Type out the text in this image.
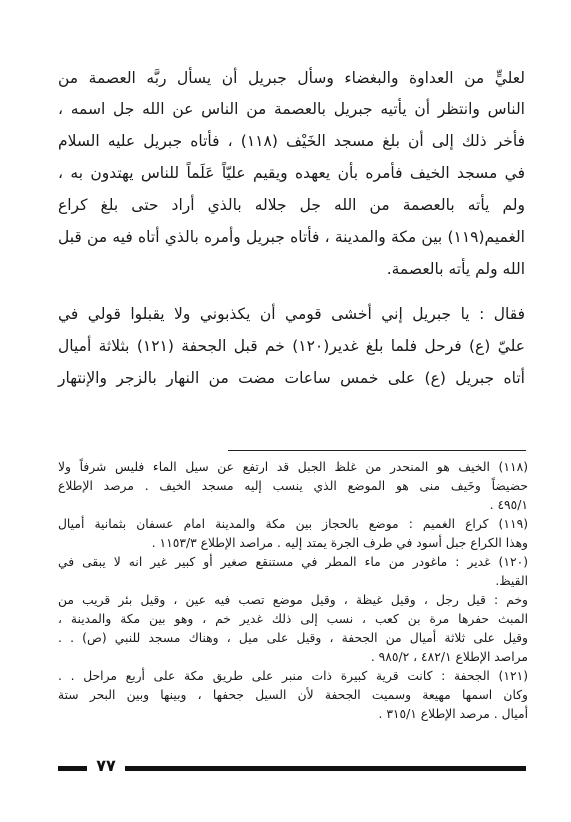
لعليٍّ من العداوة والبغضاء وسأل جبريل أن يسأل ربَّه العصمة من
الناس وانتظر أن يأتيه جبريل بالعصمة من الناس عن الله جل اسمه ،
فأخر ذلك إلى أن بلغ مسجد الخَيْف (١١٨) ، فأتاه جبريل عليه السلام
في مسجد الخيف فأمره بأن يعهده ويقيم عليّاً عَلَماً للناس يهتدون به ،
ولم يأته بالعصمة من الله جل جلاله بالذي أراد حتى بلغ كراع
الغميم(١١٩) بين مكة والمدينة ، فأتاه جبريل وأمره بالذي أتاه فيه من قبل
الله ولم يأته بالعصمة.
فقال : يا جبريل إني أخشى قومي أن يكذبوني ولا يقبلوا قولي في
عليّ (ع) فرحل فلما بلغ غدير(١٢٠) خم قبل الجحفة (١٢١) بثلاثة أميال
أتاه جبريل (ع) على خمس ساعات مضت من النهار بالزجر والإنتهار
(١١٨) الخيف هو المنحدر من غلظ الجبل قد ارتفع عن سيل الماء فليس شرفاً ولا
حضيضاً وخَيف منى هو الموضع الذي ينسب إليه مسجد الخيف . مرصد الإطلاع
٤٩٥/١ .
(١١٩) كراع الغميم : موضع بالحجاز بين مكة والمدينة امام عسفان بثمانية أميال
وهذا الكراع جبل أسود في طرف الجرة يمتد إليه . مراصد الإطلاع ١١٥٣/٣ .
(١٢٠) غدير : ماغودر من ماء المطر في مستنقع صغير أو كبير غير انه لا يبقى في
القيظ.
وخم : قيل رجل ، وقيل غيظة ، وقيل موضع تصب فيه عين ، وقيل بئر قريب من
المبث حفرها مرة بن كعب ، نسب إلى ذلك غدير خم ، وهو بين مكة والمدينة ،
وقيل على ثلاثة أميال من الجحفة ، وقيل على ميل ، وهناك مسجد للنبي (ص) . .
مراصد الإطلاع ٤٨٢/١ ، ٩٨٥/٢ .
(١٢١) الجحفة : كانت قرية كبيرة ذات منبر على طريق مكة على أربع مراحل . .
وكان اسمها مهيعة وسميت الجحفة لأن السيل جحفها ، وبينها وبين البحر ستة
أميال . مرصد الإطلاع ٣١٥/١ .
٧٧
